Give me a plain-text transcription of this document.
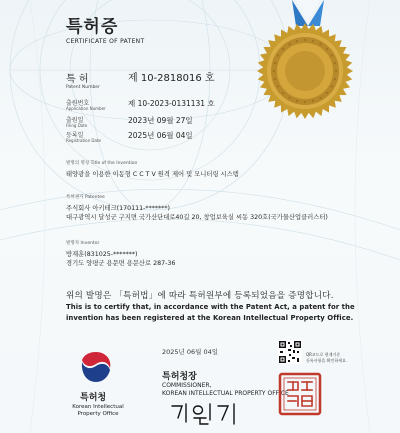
특허증
CERTIFICATE OF PATENT
특 허
Patent Number
제 10-2818016 호
출원번호
Application Number
제 10-2023-0131131 호
출원일
Filing Date
2023년 09월 27일
등록일
Registration Date
2025년 06월 04일
발명의 명칭 Title of the Invention
태양광을 이용한 이동형 C C T V 원격 제어 및 모니터링 시스템
특허권자 Patentee
주식회사 아키테크(170111-*******)
대구광역시 달성군 구지면 국가산단대로40길 20, 창업보육실 씨동 320호(국가물산업클러스터)
발명자 Inventor
방재훈(831025-*******)
경기도 양평군 용문면 용문산로 287-36
위의 발명은 「특허법」에 따라 특허원부에 등록되었음을 증명합니다.
This is to certify that, in accordance with the Patent Act, a patent for the
invention has been registered at the Korean Intellectual Property Office.
특허청
Korean Intellectual
Property Office
2025년 06월 04일	QR코드로 현재기준
등록사항을 확인하세요.
특허청장
COMMISSIONER,
KOREAN INTELLECTUAL PROPERTY OFFICE
